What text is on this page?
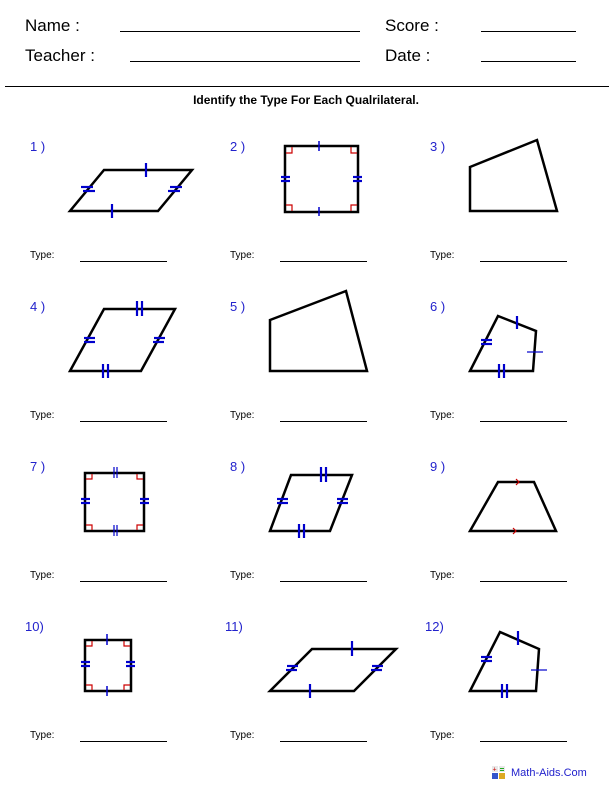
Name :	Score :
Teacher :	Date :
Identify the Type For Each Qualrilateral.
1 )	2 )	3 )
4 )	5 )	6 )
7 )	8 )	9 )
10)	11)	12)
Type:	Type:	Type:
Type:	Type:	Type:
Type:	Type:	Type:
Type:	Type:	Type:
+ Math-Aids.Com
